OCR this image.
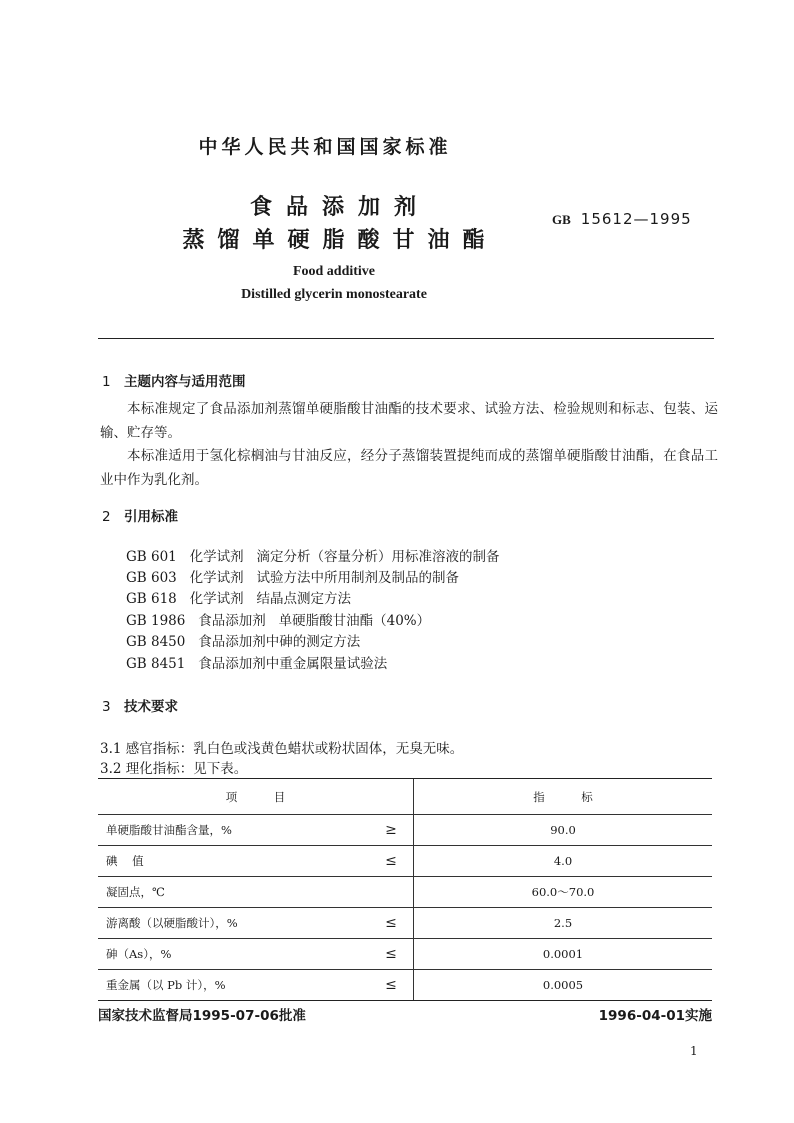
中华人民共和国国家标准
食品添加剂
蒸馏单硬脂酸甘油酯
GB 15612—1995
Food additive
Distilled glycerin monostearate
1 主题内容与适用范围
本标准规定了食品添加剂蒸馏单硬脂酸甘油酯的技术要求、试验方法、检验规则和标志、包装、运输、贮存等。
本标准适用于氢化棕榈油与甘油反应，经分子蒸馏装置提纯而成的蒸馏单硬脂酸甘油酯，在食品工业中作为乳化剂。
2 引用标准
GB 601   化学试剂   滴定分析（容量分析）用标准溶液的制备
GB 603   化学试剂   试验方法中所用制剂及制品的制备
GB 618   化学试剂   结晶点测定方法
GB 1986   食品添加剂   单硬脂酸甘油酯（40%）
GB 8450   食品添加剂中砷的测定方法
GB 8451   食品添加剂中重金属限量试验法
3 技术要求
3.1 感官指标：乳白色或浅黄色蜡状或粉状固体，无臭无味。
3.2 理化指标：见下表。
项          目		指          标
单硬脂酸甘油酯含量，%	≥	90.0
碘    值	≤	4.0
凝固点，℃		60.0～70.0
游离酸（以硬脂酸计），%	≤	2.5
砷（As），%	≤	0.0001
重金属（以 Pb 计），%	≤	0.0005
国家技术监督局1995-07-06批准	1996-04-01实施
1
